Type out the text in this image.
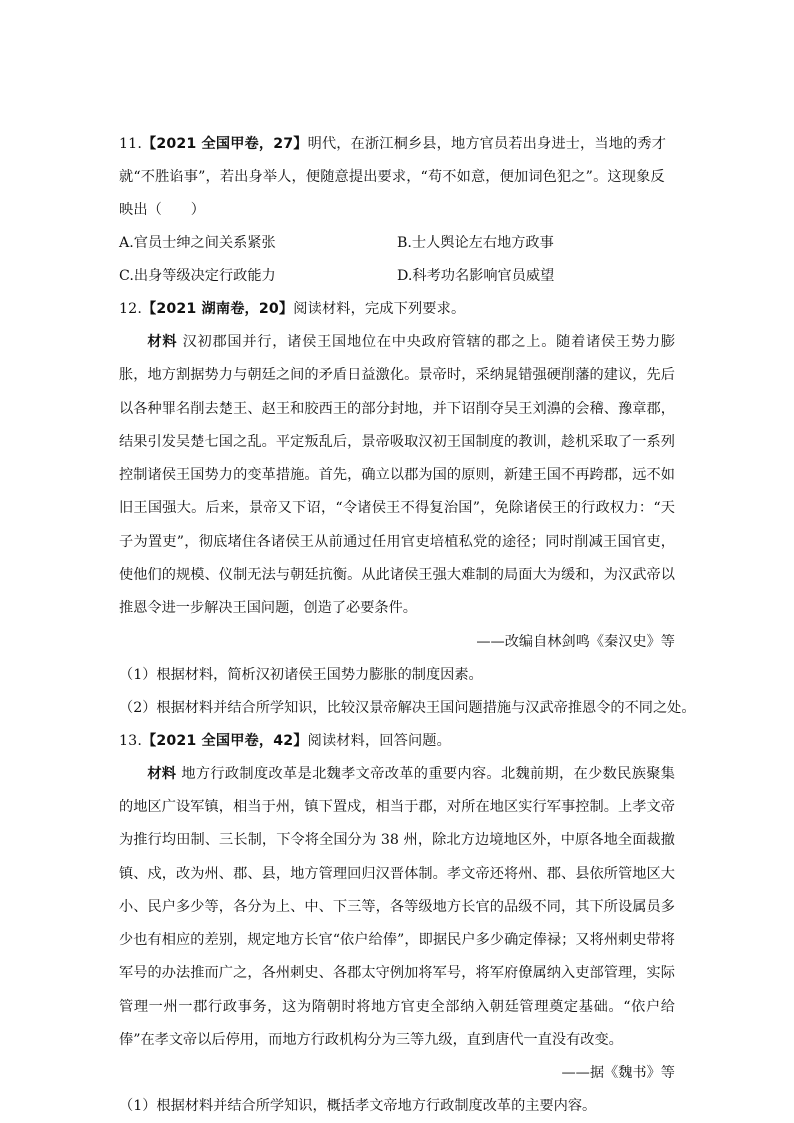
11.【2021 全国甲卷，27】明代，在浙江桐乡县，地方官员若出身进士，当地的秀才就“不胜谄事”，若出身举人，便随意提出要求，“苟不如意，便加词色犯之”。这现象反映出（　　）

A.官员士绅之间关系紧张	B.士人舆论左右地方政事
C.出身等级决定行政能力	D.科考功名影响官员威望

12.【2021 湖南卷，20】阅读材料，完成下列要求。

材料 汉初郡国并行，诸侯王国地位在中央政府管辖的郡之上。随着诸侯王势力膨胀，地方割据势力与朝廷之间的矛盾日益激化。景帝时，采纳晁错强硬削藩的建议，先后以各种罪名削去楚王、赵王和胶西王的部分封地，并下诏削夺吴王刘濞的会稽、豫章郡，结果引发吴楚七国之乱。平定叛乱后，景帝吸取汉初王国制度的教训，趁机采取了一系列控制诸侯王国势力的变革措施。首先，确立以郡为国的原则，新建王国不再跨郡，远不如旧王国强大。后来，景帝又下诏，“令诸侯王不得复治国”，免除诸侯王的行政权力：“天子为置吏”，彻底堵住各诸侯王从前通过任用官吏培植私党的途径；同时削减王国官吏，使他们的规模、仪制无法与朝廷抗衡。从此诸侯王强大难制的局面大为缓和，为汉武帝以推恩令进一步解决王国问题，创造了必要条件。

——改编自林剑鸣《秦汉史》等

（1）根据材料，简析汉初诸侯王国势力膨胀的制度因素。

（2）根据材料并结合所学知识，比较汉景帝解决王国问题措施与汉武帝推恩令的不同之处。

13.【2021 全国甲卷，42】阅读材料，回答问题。

材料 地方行政制度改革是北魏孝文帝改革的重要内容。北魏前期，在少数民族聚集的地区广设军镇，相当于州，镇下置戍，相当于郡，对所在地区实行军事控制。上孝文帝为推行均田制、三长制，下令将全国分为 38 州，除北方边境地区外，中原各地全面裁撤镇、戍，改为州、郡、县，地方管理回归汉晋体制。孝文帝还将州、郡、县依所管地区大小、民户多少等，各分为上、中、下三等，各等级地方长官的品级不同，其下所设属员多少也有相应的差别，规定地方长官“依户给俸”，即据民户多少确定俸禄；又将州刺史带将军号的办法推而广之，各州刺史、各郡太守例加将军号，将军府僚属纳入吏部管理，实际管理一州一郡行政事务，这为隋朝时将地方官吏全部纳入朝廷管理奠定基础。“依户给俸”在孝文帝以后停用，而地方行政机构分为三等九级，直到唐代一直没有改变。

——据《魏书》等

（1）根据材料并结合所学知识，概括孝文帝地方行政制度改革的主要内容。
